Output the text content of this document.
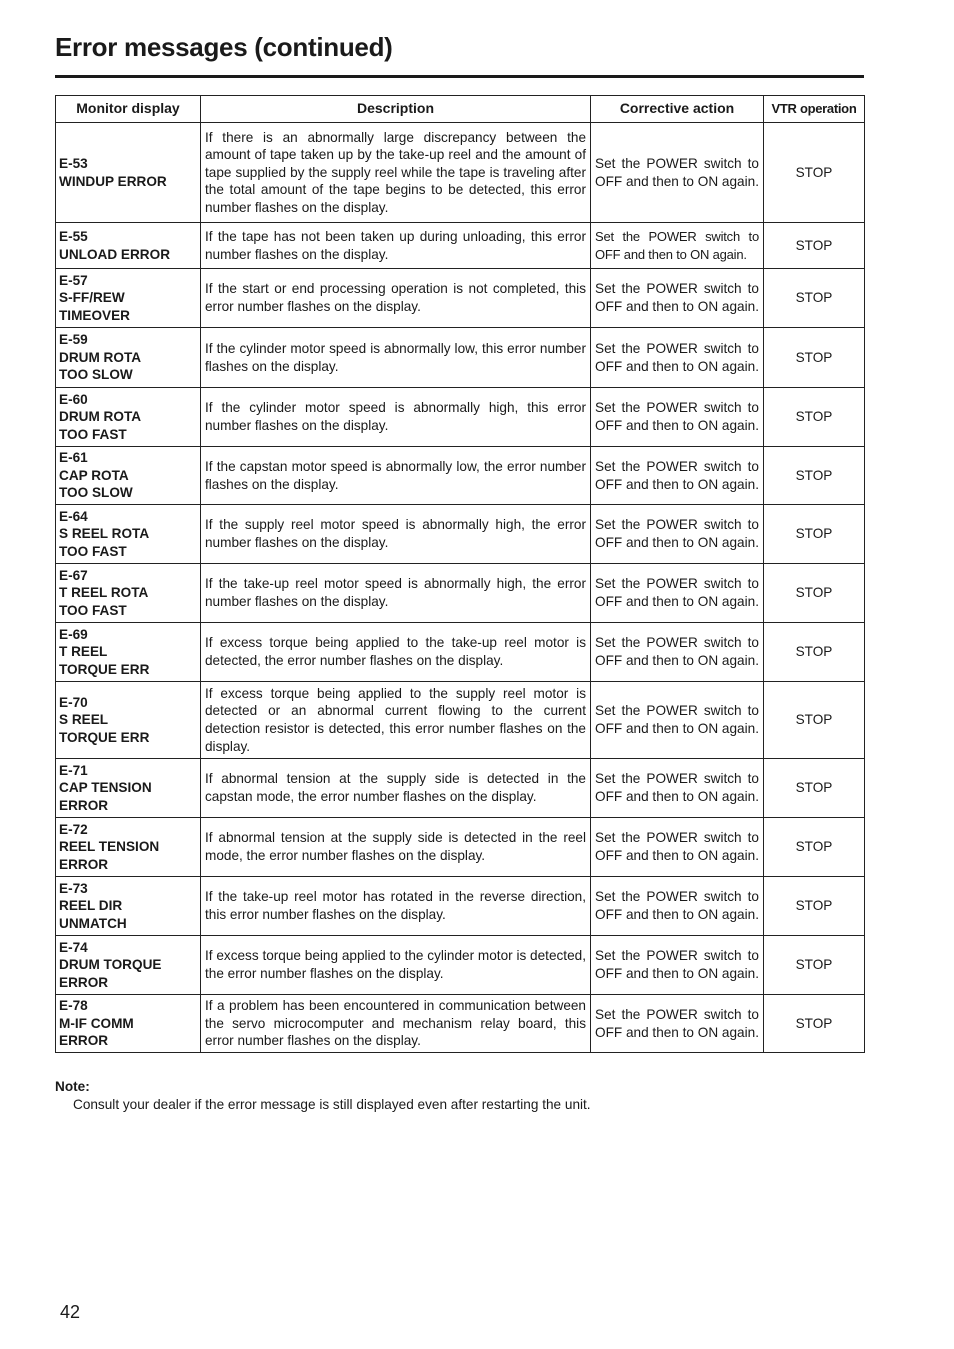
Error messages (continued)
Monitor display	Description	Corrective action	VTR operation

E-53
WINDUP ERROR	If there is an abnormally large discrepancy between the amount of tape taken up by the take-up reel and the amount of tape supplied by the supply reel while the tape is traveling after the total amount of the tape begins to be detected, this error number flashes on the display.	Set the POWER switch to OFF and then to ON again.	STOP

E-55
UNLOAD ERROR	If the tape has not been taken up during unloading, this error number flashes on the display.	Set the POWER switch to OFF and then to ON again.	STOP

E-57
S-FF/REW
TIMEOVER	If the start or end processing operation is not completed, this error number flashes on the display.	Set the POWER switch to OFF and then to ON again.	STOP

E-59
DRUM ROTA
TOO SLOW	If the cylinder motor speed is abnormally low, this error number flashes on the display.	Set the POWER switch to OFF and then to ON again.	STOP

E-60
DRUM ROTA
TOO FAST	If the cylinder motor speed is abnormally high, this error number flashes on the display.	Set the POWER switch to OFF and then to ON again.	STOP

E-61
CAP ROTA
TOO SLOW	If the capstan motor speed is abnormally low, the error number flashes on the display.	Set the POWER switch to OFF and then to ON again.	STOP

E-64
S REEL ROTA
TOO FAST	If the supply reel motor speed is abnormally high, the error number flashes on the display.	Set the POWER switch to OFF and then to ON again.	STOP

E-67
T REEL ROTA
TOO FAST	If the take-up reel motor speed is abnormally high, the error number flashes on the display.	Set the POWER switch to OFF and then to ON again.	STOP

E-69
T REEL
TORQUE ERR	If excess torque being applied to the take-up reel motor is detected, the error number flashes on the display.	Set the POWER switch to OFF and then to ON again.	STOP

E-70
S REEL
TORQUE ERR	If excess torque being applied to the supply reel motor is detected or an abnormal current flowing to the current detection resistor is detected, this error number flashes on the display.	Set the POWER switch to OFF and then to ON again.	STOP

E-71
CAP TENSION
ERROR	If abnormal tension at the supply side is detected in the capstan mode, the error number flashes on the display.	Set the POWER switch to OFF and then to ON again.	STOP

E-72
REEL TENSION
ERROR	If abnormal tension at the supply side is detected in the reel mode, the error number flashes on the display.	Set the POWER switch to OFF and then to ON again.	STOP

E-73
REEL DIR
UNMATCH	If the take-up reel motor has rotated in the reverse direction, this error number flashes on the display.	Set the POWER switch to OFF and then to ON again.	STOP

E-74
DRUM TORQUE
ERROR	If excess torque being applied to the cylinder motor is detected, the error number flashes on the display.	Set the POWER switch to OFF and then to ON again.	STOP

E-78
M-IF COMM
ERROR	If a problem has been encountered in communication between the servo microcomputer and mechanism relay board, this error number flashes on the display.	Set the POWER switch to OFF and then to ON again.	STOP
Note:
Consult your dealer if the error message is still displayed even after restarting the unit.
42
